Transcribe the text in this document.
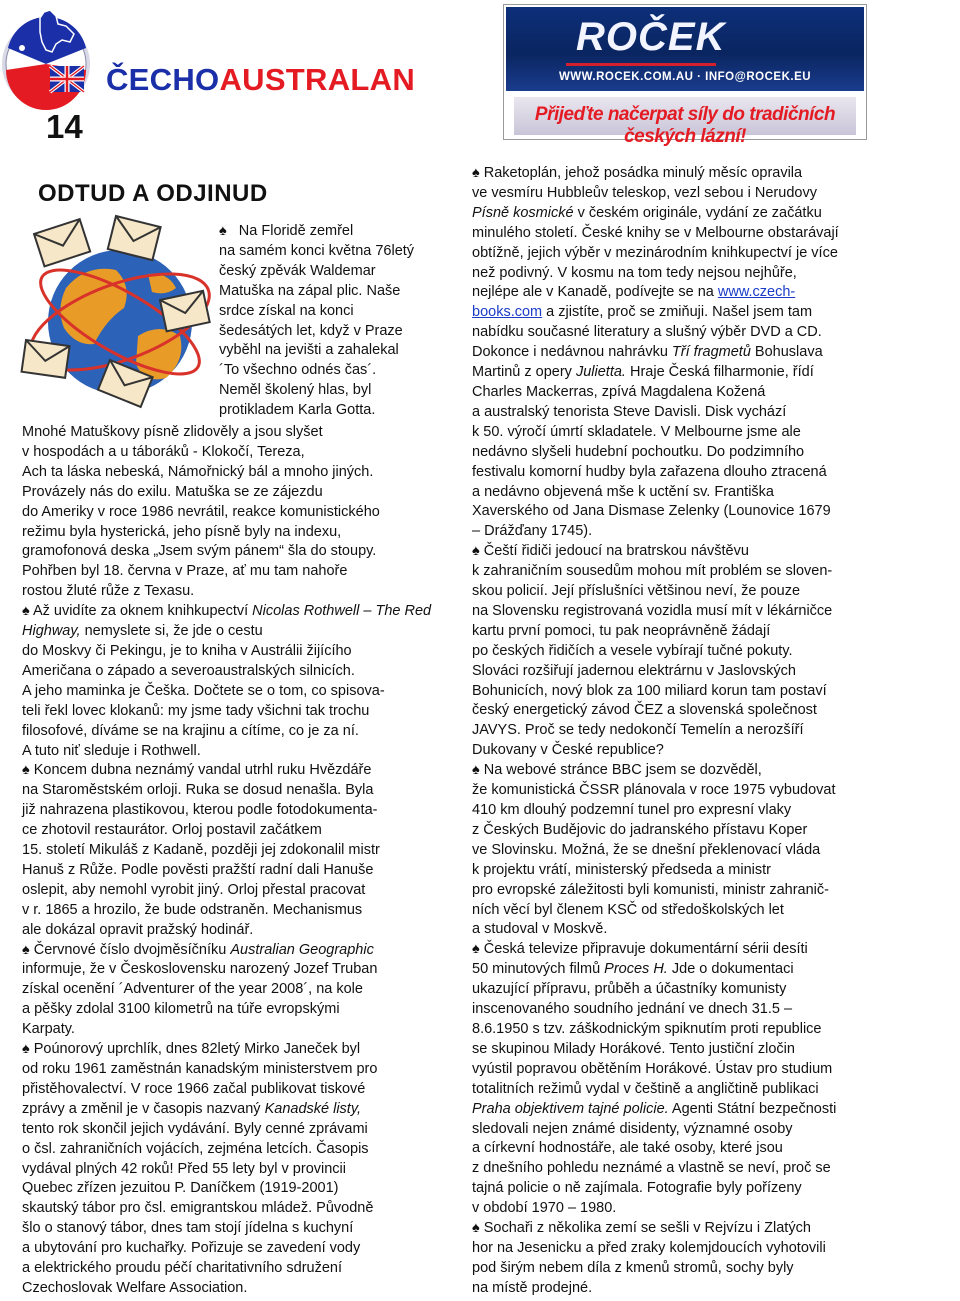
ČECHOAUSTRALAN
14
ROČEK
WWW.ROCEK.COM.AU · INFO@ROCEK.EU
Přijeďte načerpat síly do tradičních českých lázní!
ODTUD A ODJINUD

♠ Na Floridě zemřel

na samém konci května 76letý

český zpěvák Waldemar

Matuška na zápal plic. Naše

srdce získal na konci

šedesátých let, když v Praze

vyběhl na jevišti a zahalekal

´To všechno odnés čas´.

Neměl školený hlas, byl

protikladem Karla Gotta.

Mnohé Matuškovy písně zlidověly a jsou slyšet

v hospodách a u táboráků - Klokočí, Tereza,

Ach ta láska nebeská, Námořnický bál a mnoho jiných.

Provázely nás do exilu. Matuška se ze zájezdu

do Ameriky v roce 1986 nevrátil, reakce komunistického

režimu byla hysterická, jeho písně byly na indexu,

gramofonová deska „Jsem svým pánem“ šla do stoupy.

Pohřben byl 18. června v Praze, ať mu tam nahoře

rostou žluté růže z Texasu.

♠ Až uvidíte za oknem knihkupectví Nicolas Rothwell – The Red Highway, nemyslete si, že jde o cestu

do Moskvy či Pekingu, je to kniha v Austrálii žijícího

Američana o západo a severoaustralských silnicích.

A jeho maminka je Češka. Dočtete se o tom, co spisova-

teli řekl lovec klokanů: my jsme tady všichni tak trochu

filosofové, díváme se na krajinu a cítíme, co je za ní.

A tuto niť sleduje i Rothwell.

♠ Koncem dubna neznámý vandal utrhl ruku Hvězdáře

na Staroměstském orloji. Ruka se dosud nenašla. Byla

již nahrazena plastikovou, kterou podle fotodokumenta-

ce zhotovil restaurátor. Orloj postavil začátkem

15. století Mikuláš z Kadaně, později jej zdokonalil mistr

Hanuš z Růže. Podle pověsti pražští radní dali Hanuše

oslepit, aby nemohl vyrobit jiný. Orloj přestal pracovat

v r. 1865 a hrozilo, že bude odstraněn. Mechanismus

ale dokázal opravit pražský hodinář.

♠ Červnové číslo dvojměsíčníku Australian Geographic

informuje, že v Československu narozený Jozef Truban

získal ocenění ´Adventurer of the year 2008´, na kole

a pěšky zdolal 3100 kilometrů na túře evropskými

Karpaty.

♠ Poúnorový uprchlík, dnes 82letý Mirko Janeček byl

od roku 1961 zaměstnán kanadským ministerstvem pro

přistěhovalectví. V roce 1966 začal publikovat tiskové

zprávy a změnil je v časopis nazvaný Kanadské listy,

tento rok skončil jejich vydávání. Byly cenné zprávami

o čsl. zahraničních vojácích, zejména letcích. Časopis

vydával plných 42 roků! Před 55 lety byl v provincii

Quebec zřízen jezuitou P. Daníčkem (1919-2001)

skautský tábor pro čsl. emigrantskou mládež. Původně

šlo o stanový tábor, dnes tam stojí jídelna s kuchyní

a ubytování pro kuchařky. Pořizuje se zavedení vody

a elektrického proudu péčí charitativního sdružení

Czechoslovak Welfare Association.

♠ Raketoplán, jehož posádka minulý měsíc opravila

ve vesmíru Hubbleův teleskop, vezl sebou i Nerudovy

Písně kosmické v českém originále, vydání ze začátku

minulého století. České knihy se v Melbourne obstarávají

obtížně, jejich výběr v mezinárodním knihkupectví je více

než podivný. V kosmu na tom tedy nejsou nejhůře,

nejlépe ale v Kanadě, podívejte se na www.czech-

books.com a zjistíte, proč se zmiňuji. Našel jsem tam

nabídku současné literatury a slušný výběr DVD a CD.

Dokonce i nedávnou nahrávku Tří fragmetů Bohuslava

Martinů z opery Julietta. Hraje Česká filharmonie, řídí

Charles Mackerras, zpívá Magdalena Kožená

a australský tenorista Steve Davisli. Disk vychází

k 50. výročí úmrtí skladatele. V Melbourne jsme ale

nedávno slyšeli hudební pochoutku. Do podzimního

festivalu komorní hudby byla zařazena dlouho ztracená

a nedávno objevená mše k uctění sv. Františka

Xaverského od Jana Dismase Zelenky (Lounovice 1679

– Drážďany 1745).

♠ Čeští řidiči jedoucí na bratrskou návštěvu

k zahraničním sousedům mohou mít problém se sloven-

skou policií. Její příslušníci většinou neví, že pouze

na Slovensku registrovaná vozidla musí mít v lékárničce

kartu první pomoci, tu pak neoprávněně žádají

po českých řidičích a vesele vybírají tučné pokuty.

Slováci rozšiřují jadernou elektrárnu v Jaslovských

Bohunicích, nový blok za 100 miliard korun tam postaví

český energetický závod ČEZ a slovenská společnost

JAVYS. Proč se tedy nedokončí Temelín a nerozšíří

Dukovany v České republice?

♠ Na webové stránce BBC jsem se dozvěděl,

že komunistická ČSSR plánovala v roce 1975 vybudovat

410 km dlouhý podzemní tunel pro expresní vlaky

z Českých Budějovic do jadranského přístavu Koper

ve Slovinsku. Možná, že se dnešní překlenovací vláda

k projektu vrátí, ministerský předseda a ministr

pro evropské záležitosti byli komunisti, ministr zahranič-

ních věcí byl členem KSČ od středoškolských let

a studoval v Moskvě.

♠ Česká televize připravuje dokumentární sérii desíti

50 minutových filmů Proces H. Jde o dokumentaci

ukazující přípravu, průběh a účastníky komunisty

inscenovaného soudního jednání ve dnech 31.5 –

8.6.1950 s tzv. záškodnickým spiknutím proti republice

se skupinou Milady Horákové. Tento justiční zločin

vyústil popravou obětěním Horákové. Ústav pro studium

totalitních režimů vydal v češtině a angličtině publikaci

Praha objektivem tajné policie. Agenti Státní bezpečnosti

sledovali nejen známé disidenty, významné osoby

a církevní hodnostáře, ale také osoby, které jsou

z dnešního pohledu neznámé a vlastně se neví, proč se

tajná policie o ně zajímala. Fotografie byly pořízeny

v období 1970 – 1980.

♠ Sochaři z několika zemí se sešli v Rejvízu i Zlatých

hor na Jesenicku a před zraky kolemjdoucích vyhotovili

pod širým nebem díla z kmenů stromů, sochy byly

na místě prodejné.
